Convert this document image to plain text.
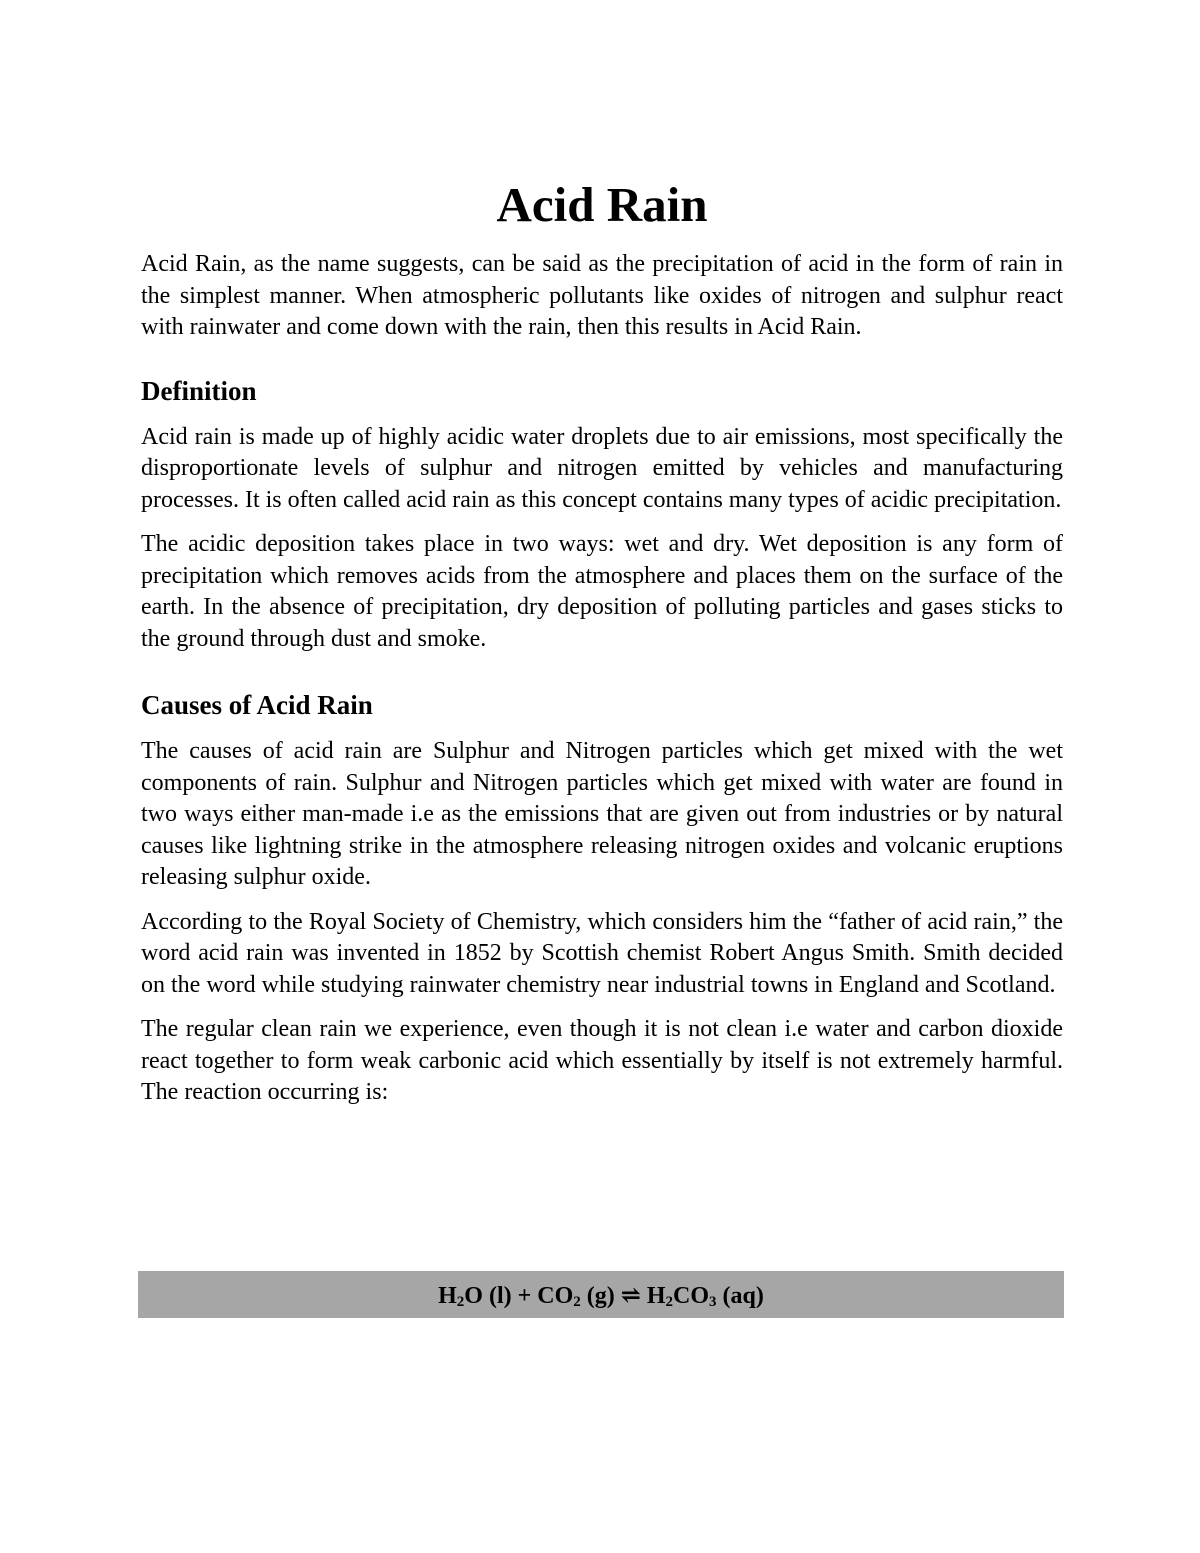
Acid Rain

Acid Rain, as the name suggests, can be said as the precipitation of acid in the form of rain in the simplest manner. When atmospheric pollutants like oxides of nitrogen and sulphur react with rainwater and come down with the rain, then this results in Acid Rain.

Definition

Acid rain is made up of highly acidic water droplets due to air emissions, most specifically the disproportionate levels of sulphur and nitrogen emitted by vehicles and manufacturing processes. It is often called acid rain as this concept contains many types of acidic precipitation.

The acidic deposition takes place in two ways: wet and dry. Wet deposition is any form of precipitation which removes acids from the atmosphere and places them on the surface of the earth. In the absence of precipitation, dry deposition of polluting particles and gases sticks to the ground through dust and smoke.

Causes of Acid Rain

The causes of acid rain are Sulphur and Nitrogen particles which get mixed with the wet components of rain. Sulphur and Nitrogen particles which get mixed with water are found in two ways either man-made i.e as the emissions that are given out from industries or by natural causes like lightning strike in the atmosphere releasing nitrogen oxides and volcanic eruptions releasing sulphur oxide.

According to the Royal Society of Chemistry, which considers him the “father of acid rain,” the word acid rain was invented in 1852 by Scottish chemist Robert Angus Smith. Smith decided on the word while studying rainwater chemistry near industrial towns in England and Scotland.

The regular clean rain we experience, even though it is not clean i.e water and carbon dioxide react together to form weak carbonic acid which essentially by itself is not extremely harmful. The reaction occurring is:

$H_2O$ $(l) + CO_2$ (g) ⇌ $H_2CO_3$ (aq)
